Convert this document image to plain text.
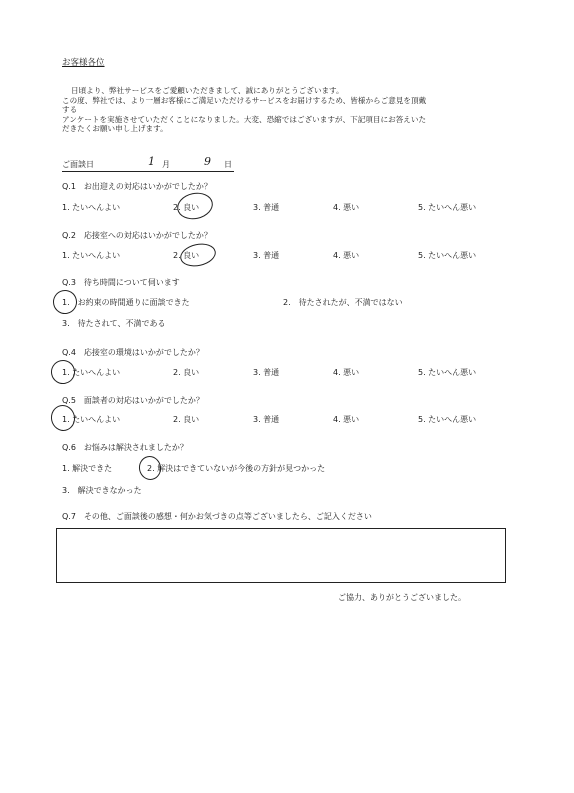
お客様各位
日頃より、弊社サービスをご愛顧いただきまして、誠にありがとうございます。
この度、弊社では、より一層お客様にご満足いただけるサービスをお届けするため、皆様からご意見を頂戴
する
アンケートを実施させていただくことになりました。大変、恐縮ではございますが、下記項目にお答えいた
だきたくお願い申し上げます。
ご面談日	1 月	9 日
Q.1　お出迎えの対応はいかがでしたか？
1. たいへんよい	2. 良い	3. 普通	4. 悪い	5. たいへん悪い
Q.2　応接室への対応はいかがでしたか？
1. たいへんよい	2. 良い	3. 普通	4. 悪い	5. たいへん悪い
Q.3　待ち時間について伺います
1.　お約束の時間通りに面談できた	2.　待たされたが、不満ではない
3.　待たされて、不満である
Q.4　応接室の環境はいかがでしたか？
1. たいへんよい	2. 良い	3. 普通	4. 悪い	5. たいへん悪い
Q.5　面談者の対応はいかがでしたか？
1. たいへんよい	2. 良い	3. 普通	4. 悪い	5. たいへん悪い
Q.6　お悩みは解決されましたか？
1. 解決できた	2. 解決はできていないが今後の方針が見つかった
3.　解決できなかった
Q.7　その他、ご面談後の感想・何かお気づきの点等ございましたら、ご記入ください
ご協力、ありがとうございました。
